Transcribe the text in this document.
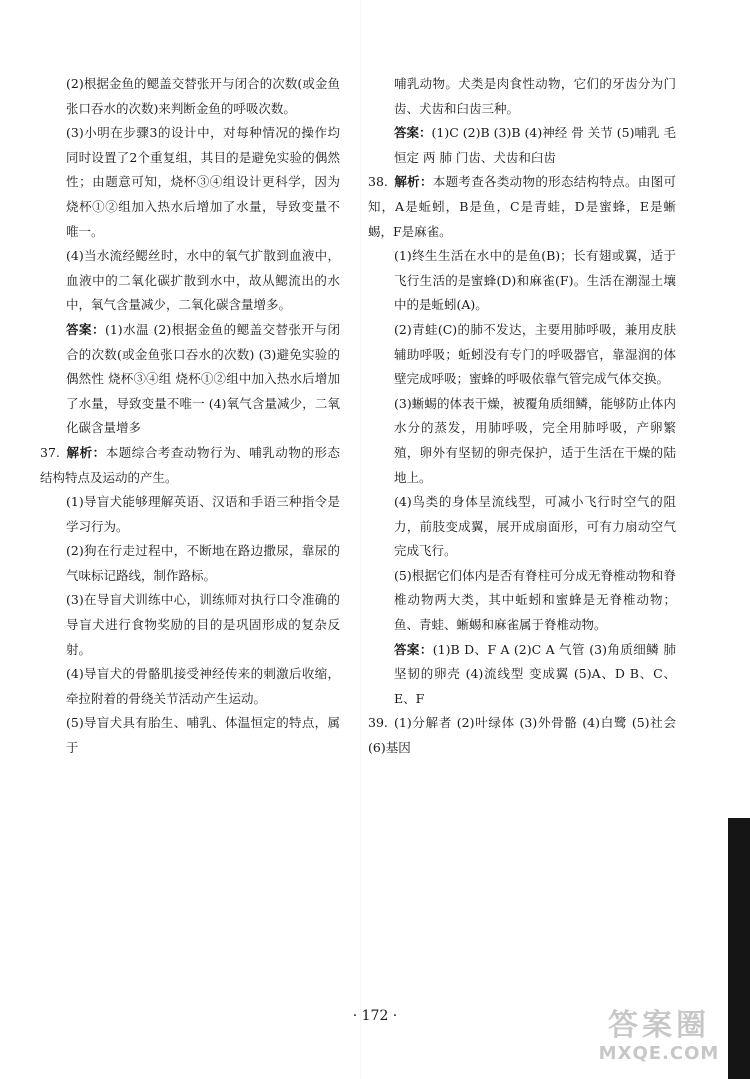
(2)根据金鱼的鳃盖交替张开与闭合的次数(或金鱼张口吞水的次数)来判断金鱼的呼吸次数。

(3)小明在步骤3的设计中，对每种情况的操作均同时设置了2个重复组，其目的是避免实验的偶然性；由题意可知，烧杯③④组设计更科学，因为烧杯①②组加入热水后增加了水量，导致变量不唯一。

(4)当水流经鳃丝时，水中的氧气扩散到血液中，血液中的二氧化碳扩散到水中，故从鳃流出的水中，氧气含量减少，二氧化碳含量增多。

答案：(1)水温 (2)根据金鱼的鳃盖交替张开与闭合的次数(或金鱼张口吞水的次数) (3)避免实验的偶然性 烧杯③④组 烧杯①②组中加入热水后增加了水量，导致变量不唯一 (4)氧气含量减少，二氧化碳含量增多

37. 解析：本题综合考查动物行为、哺乳动物的形态结构特点及运动的产生。

(1)导盲犬能够理解英语、汉语和手语三种指令是学习行为。

(2)狗在行走过程中，不断地在路边撒尿，靠尿的气味标记路线，制作路标。

(3)在导盲犬训练中心，训练师对执行口令准确的导盲犬进行食物奖励的目的是巩固形成的复杂反射。

(4)导盲犬的骨骼肌接受神经传来的刺激后收缩，牵拉附着的骨绕关节活动产生运动。

(5)导盲犬具有胎生、哺乳、体温恒定的特点，属于

哺乳动物。犬类是肉食性动物，它们的牙齿分为门齿、犬齿和臼齿三种。

答案：(1)C (2)B (3)B (4)神经 骨 关节 (5)哺乳 毛 恒定 两 肺 门齿、犬齿和臼齿

38. 解析：本题考查各类动物的形态结构特点。由图可知，A是蚯蚓，B是鱼，C是青蛙，D是蜜蜂，E是蜥蜴，F是麻雀。

(1)终生生活在水中的是鱼(B)；长有翅或翼，适于飞行生活的是蜜蜂(D)和麻雀(F)。生活在潮湿土壤中的是蚯蚓(A)。

(2)青蛙(C)的肺不发达，主要用肺呼吸，兼用皮肤辅助呼吸；蚯蚓没有专门的呼吸器官，靠湿润的体壁完成呼吸；蜜蜂的呼吸依靠气管完成气体交换。

(3)蜥蜴的体表干燥，被覆角质细鳞，能够防止体内水分的蒸发，用肺呼吸，完全用肺呼吸，产卵繁殖，卵外有坚韧的卵壳保护，适于生活在干燥的陆地上。

(4)鸟类的身体呈流线型，可减小飞行时空气的阻力，前肢变成翼，展开成扇面形，可有力扇动空气完成飞行。

(5)根据它们体内是否有脊柱可分成无脊椎动物和脊椎动物两大类，其中蚯蚓和蜜蜂是无脊椎动物；鱼、青蛙、蜥蜴和麻雀属于脊椎动物。

答案：(1)B D、F A (2)C A 气管 (3)角质细鳞 肺 坚韧的卵壳 (4)流线型 变成翼 (5)A、D B、C、E、F

39. (1)分解者 (2)叶绿体 (3)外骨骼 (4)白鹭 (5)社会 (6)基因

· 172 ·	答案圈
MXQE.COM
